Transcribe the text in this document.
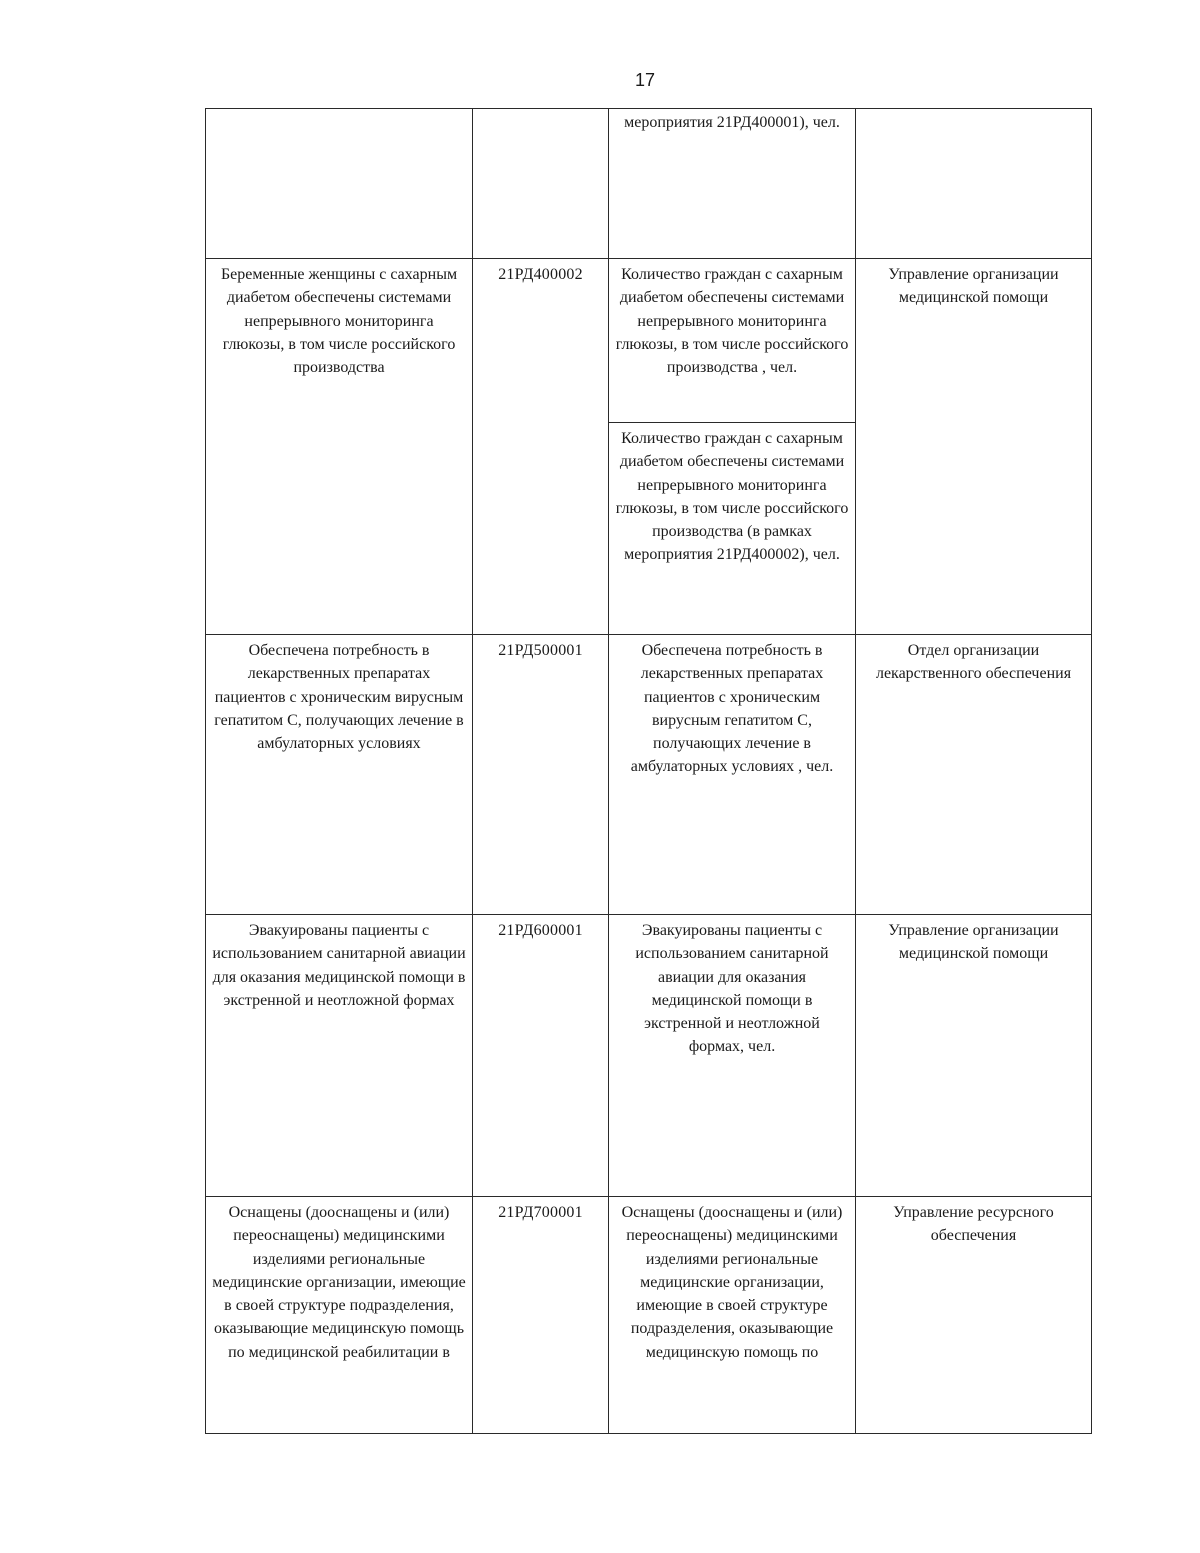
17
		мероприятия 21РД400001), чел.	
Беременные женщины с сахарным диабетом обеспечены системами непрерывного мониторинга глюкозы, в том числе российского производства	21РД400002	Количество граждан с сахарным диабетом обеспечены системами непрерывного мониторинга глюкозы, в том числе российского производства , чел.	Управление организации медицинской помощи
		Количество граждан с сахарным диабетом обеспечены системами непрерывного мониторинга глюкозы, в том числе российского производства (в рамках мероприятия 21РД400002), чел.	
Обеспечена потребность в лекарственных препаратах пациентов с хроническим вирусным гепатитом С, получающих лечение в амбулаторных условиях	21РД500001	Обеспечена потребность в лекарственных препаратах пациентов с хроническим вирусным гепатитом С, получающих лечение в амбулаторных условиях , чел.	Отдел организации лекарственного обеспечения
Эвакуированы пациенты с использованием санитарной авиации для оказания медицинской помощи в экстренной и неотложной формах	21РД600001	Эвакуированы пациенты с использованием санитарной авиации для оказания медицинской помощи в экстренной и неотложной формах, чел.	Управление организации медицинской помощи
Оснащены (дооснащены и (или) переоснащены) медицинскими изделиями региональные медицинские организации, имеющие в своей структуре подразделения, оказывающие медицинскую помощь по медицинской реабилитации в	21РД700001	Оснащены (дооснащены и (или) переоснащены) медицинскими изделиями региональные медицинские организации, имеющие в своей структуре подразделения, оказывающие медицинскую помощь по	Управление ресурсного обеспечения
